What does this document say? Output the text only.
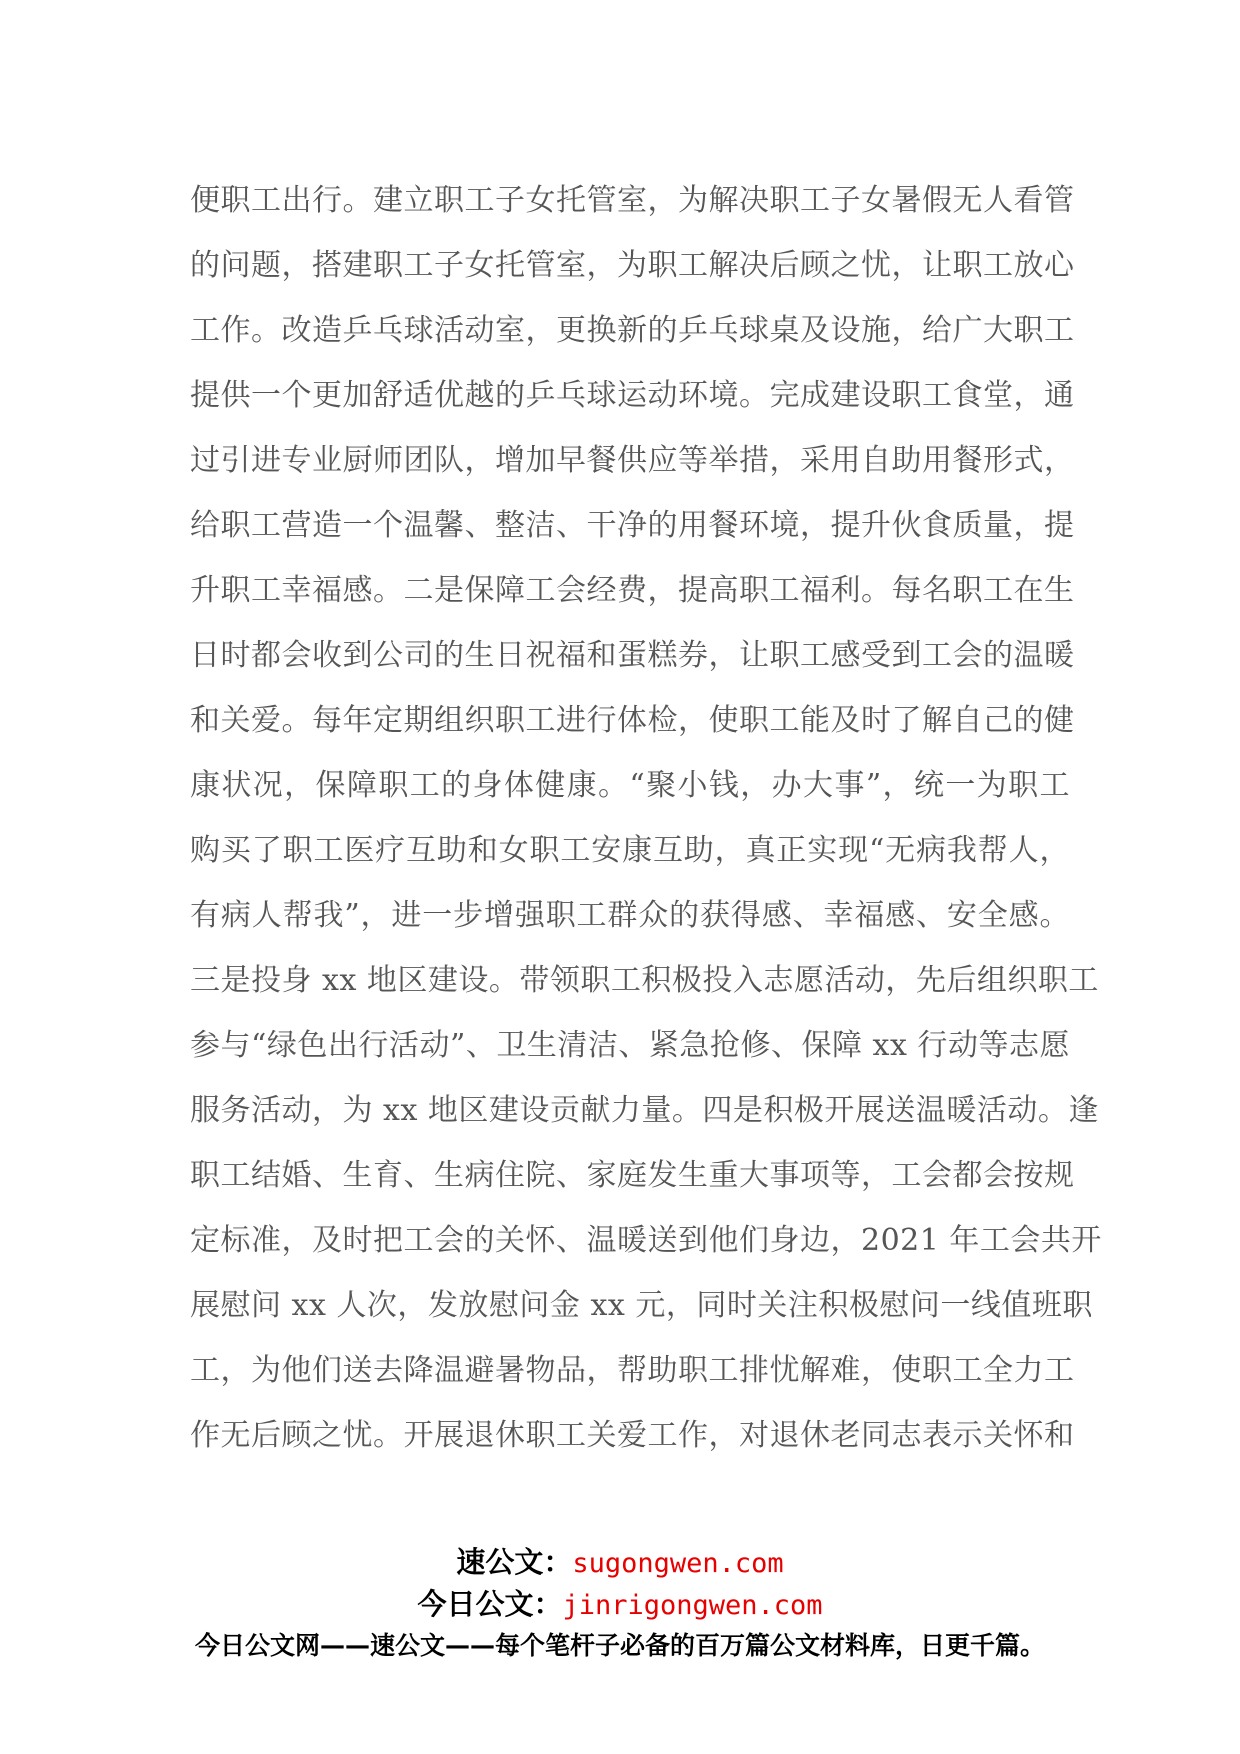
便职工出行。建立职工子女托管室，为解决职工子女暑假无人看管
的问题，搭建职工子女托管室，为职工解决后顾之忧，让职工放心
工作。改造乒乓球活动室，更换新的乒乓球桌及设施，给广大职工
提供一个更加舒适优越的乒乓球运动环境。完成建设职工食堂，通
过引进专业厨师团队，增加早餐供应等举措，采用自助用餐形式，
给职工营造一个温馨、整洁、干净的用餐环境，提升伙食质量，提
升职工幸福感。二是保障工会经费，提高职工福利。每名职工在生
日时都会收到公司的生日祝福和蛋糕券，让职工感受到工会的温暖
和关爱。每年定期组织职工进行体检，使职工能及时了解自己的健
康状况，保障职工的身体健康。“聚小钱，办大事”，统一为职工
购买了职工医疗互助和女职工安康互助，真正实现“无病我帮人，
有病人帮我”，进一步增强职工群众的获得感、幸福感、安全感。
三是投身 xx 地区建设。带领职工积极投入志愿活动，先后组织职工
参与“绿色出行活动”、卫生清洁、紧急抢修、保障 xx 行动等志愿
服务活动，为 xx 地区建设贡献力量。四是积极开展送温暖活动。逢
职工结婚、生育、生病住院、家庭发生重大事项等，工会都会按规
定标准，及时把工会的关怀、温暖送到他们身边，2021 年工会共开
展慰问 xx 人次，发放慰问金 xx 元，同时关注积极慰问一线值班职
工，为他们送去降温避暑物品，帮助职工排忧解难，使职工全力工
作无后顾之忧。开展退休职工关爱工作，对退休老同志表示关怀和
速公文：sugongwen.com
今日公文：jinrigongwen.com
今日公文网——速公文——每个笔杆子必备的百万篇公文材料库，日更千篇。
